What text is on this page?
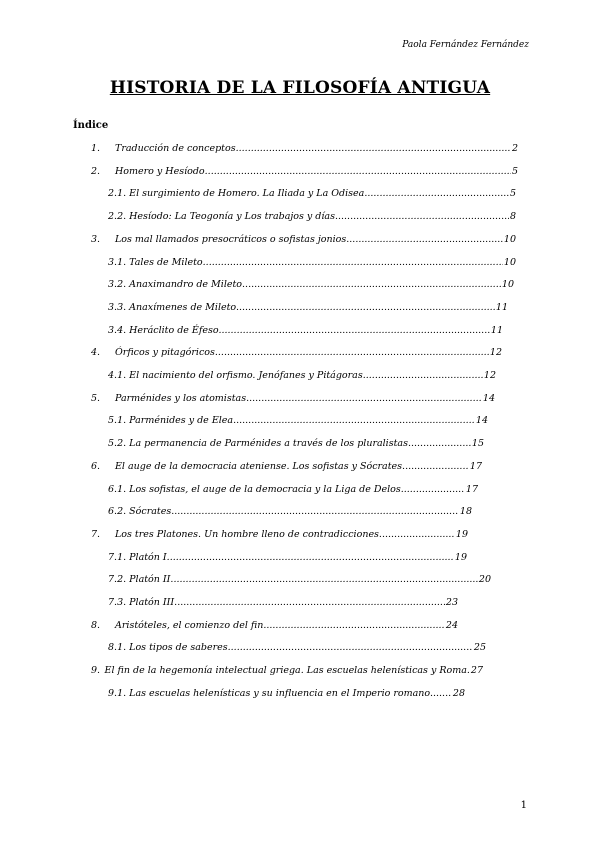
Paola Fernández Fernández
HISTORIA DE LA FILOSOFÍA ANTIGUA
Índice
1.	Traducción de conceptos .....	2
2.	Homero y Hesíodo .....	5
2.1. El surgimiento de Homero. La Iliada y La Odisea. .....	5
2.2. Hesíodo: La Teogonía y Los trabajos y días. .....	8
3.	Los mal llamados presocráticos o sofistas jonios .....	10
3.1. Tales de Mileto .....	10
3.2. Anaximandro de Mileto .....	10
3.3. Anaxímenes de Mileto. .....	11
3.4. Heráclito de Éfeso. .....	11
4.	Órficos y pitagóricos .....	12
4.1. El nacimiento del orfismo. Jenófanes y Pitágoras .....	12
5.	Parménides y los atomistas. .....	14
5.1. Parménides y de Elea. .....	14
5.2. La permanencia de Parménides a través de los pluralistas. .....	15
6.	El auge de la democracia ateniense. Los sofistas y Sócrates. .....	17
6.1. Los sofistas, el auge de la democracia y la Liga de Delos. .....	17
6.2. Sócrates. .....	18
7.	Los tres Platones. Un hombre lleno de contradicciones. .....	19
7.1. Platón I. .....	19
7.2. Platón II. .....	20
7.3. Platón III. .....	23
8.	Aristóteles, el comienzo del fin. .....	24
8.1. Los tipos de saberes. .....	25
9. El fin de la hegemonía intelectual griega. Las escuelas helenísticas y Roma. 27
9.1. Las escuelas helenísticas y su influencia en el Imperio romano. ..... 28
1
